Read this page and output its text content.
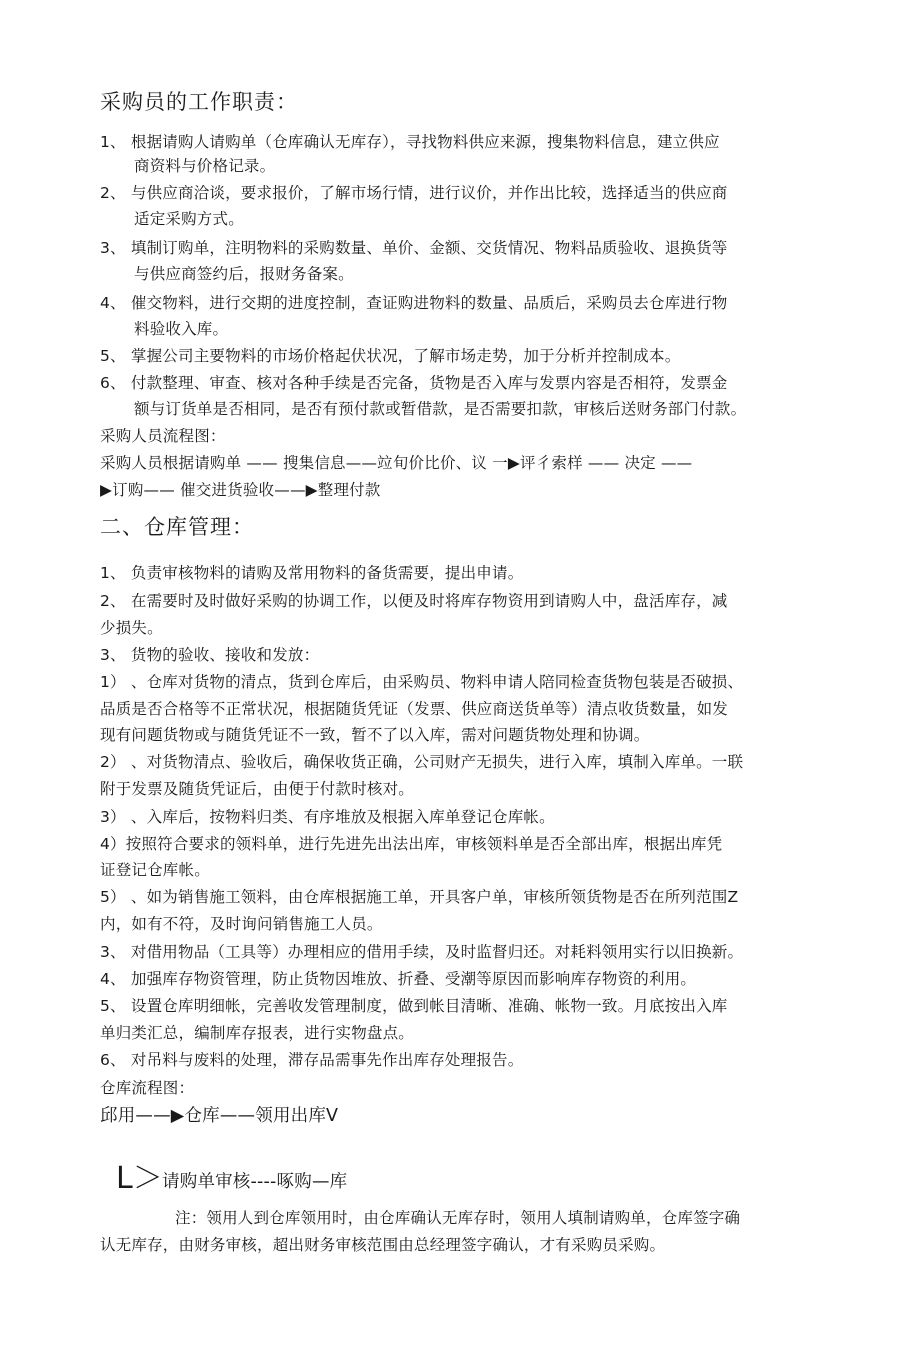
采购员的工作职责：
1、 根据请购人请购单（仓库确认无库存），寻找物料供应来源，搜集物料信息，建立供应
商资料与价格记录。
2、 与供应商洽谈，要求报价，了解市场行情，进行议价，并作出比较，选择适当的供应商
适定采购方式。
3、 填制订购单，注明物料的采购数量、单价、金额、交货情况、物料品质验收、退换货等
与供应商签约后，报财务备案。
4、 催交物料，进行交期的进度控制，查证购进物料的数量、品质后，采购员去仓库进行物
料验收入库。
5、 掌握公司主要物料的市场价格起伏状况，了解市场走势，加于分析并控制成本。
6、 付款整理、审查、核对各种手续是否完备，货物是否入库与发票内容是否相符，发票金
额与订货单是否相同，是否有预付款或暂借款，是否需要扣款，审核后送财务部门付款。
采购人员流程图：
采购人员根据请购单 —— 搜集信息——竝旬价比价、议 一▶评彳索样 —— 决定 ——
▶订购—— 催交进货验收——▶整理付款
二、仓库管理：
1、 负责审核物料的请购及常用物料的备货需要，提出申请。
2、 在需要时及时做好采购的协调工作，以便及时将库存物资用到请购人中，盘活库存，减
少损失。
3、 货物的验收、接收和发放：
1） 、仓库对货物的清点，货到仓库后，由采购员、物料申请人陪同检查货物包装是否破损、
品质是否合格等不正常状况，根据随货凭证（发票、供应商送货单等）清点收货数量，如发
现有问题货物或与随货凭证不一致，暂不了以入库，需对问题货物处理和协调。
2） 、对货物清点、验收后，确保收货正确，公司财产无损失，进行入库，填制入库单。一联
附于发票及随货凭证后，由便于付款时核对。
3） 、入库后，按物料归类、有序堆放及根据入库单登记仓库帐。
4）按照符合要求的领料单，进行先进先出法出库，审核领料单是否全部出库，根据出库凭
证登记仓库帐。
5） 、如为销售施工领料，由仓库根据施工单，开具客户单，审核所领货物是否在所列范围Z
内，如有不符，及时询问销售施工人员。
3、 对借用物品（工具等）办理相应的借用手续，及时监督归还。对耗料领用实行以旧换新。
4、 加强库存物资管理，防止货物因堆放、折叠、受潮等原因而影响库存物资的利用。
5、 设置仓库明细帐，完善收发管理制度，做到帐目清晰、准确、帐物一致。月底按出入库
单归类汇总，编制库存报表，进行实物盘点。
6、 对吊料与废料的处理，滞存品需事先作出库存处理报告。
仓库流程图：
邱用——▶仓库——领用出库V
L＞
请购单审核----啄购—库
注：领用人到仓库领用时，由仓库确认无库存时，领用人填制请购单，仓库签字确
认无库存，由财务审核，超出财务审核范围由总经理签字确认，才有采购员采购。
